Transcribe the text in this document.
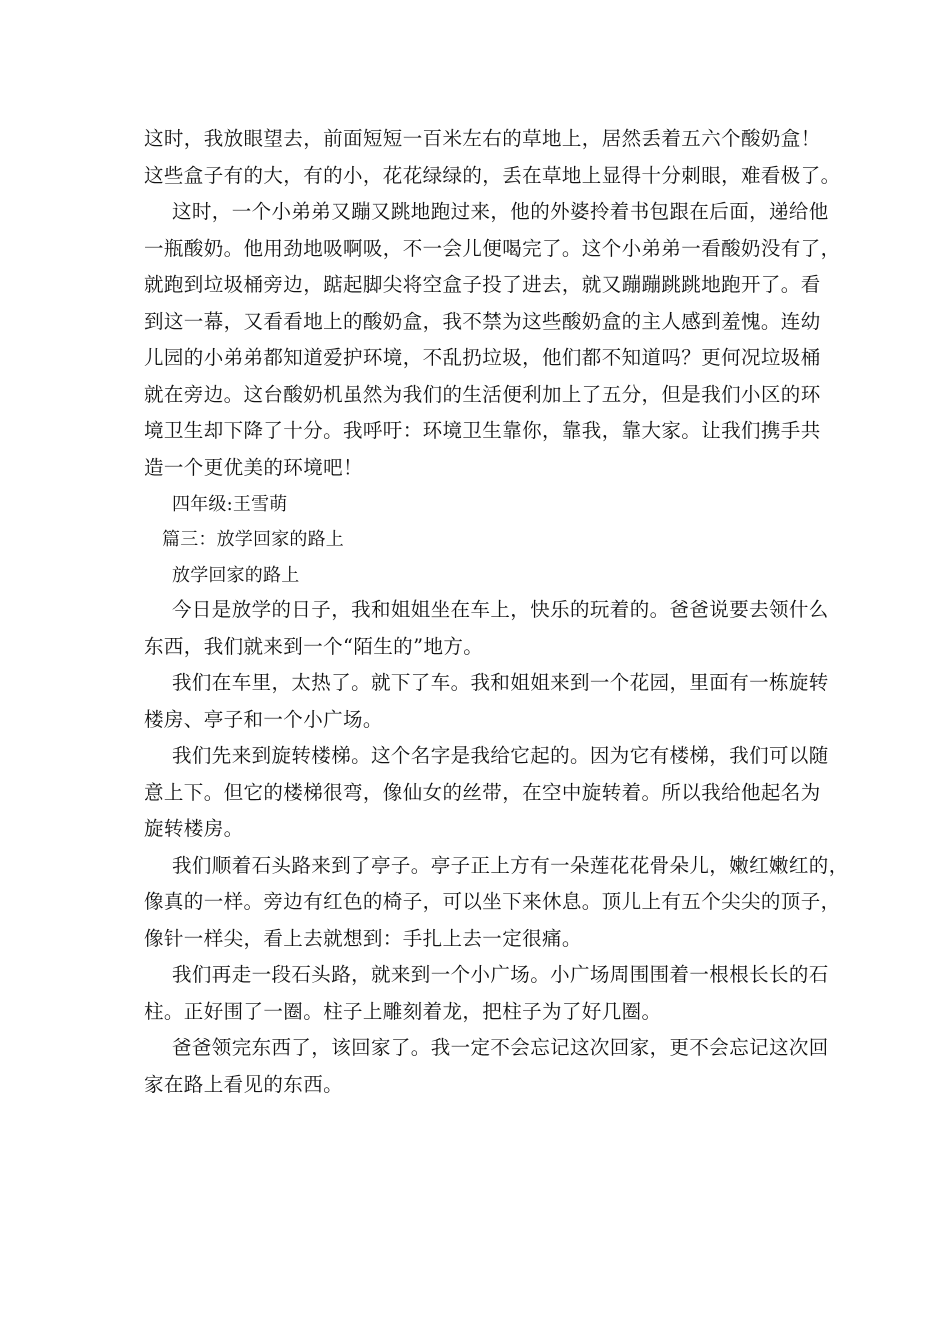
这时，我放眼望去，前面短短一百米左右的草地上，居然丢着五六个酸奶盒！
这些盒子有的大，有的小，花花绿绿的，丢在草地上显得十分刺眼，难看极了。
这时，一个小弟弟又蹦又跳地跑过来，他的外婆拎着书包跟在后面，递给他
一瓶酸奶。他用劲地吸啊吸，不一会儿便喝完了。这个小弟弟一看酸奶没有了，
就跑到垃圾桶旁边，踮起脚尖将空盒子投了进去，就又蹦蹦跳跳地跑开了。看
到这一幕，又看看地上的酸奶盒，我不禁为这些酸奶盒的主人感到羞愧。连幼
儿园的小弟弟都知道爱护环境，不乱扔垃圾，他们都不知道吗？更何况垃圾桶
就在旁边。这台酸奶机虽然为我们的生活便利加上了五分，但是我们小区的环
境卫生却下降了十分。我呼吁：环境卫生靠你，靠我，靠大家。让我们携手共
造一个更优美的环境吧！
四年级:王雪萌
篇三：放学回家的路上
放学回家的路上
今日是放学的日子，我和姐姐坐在车上，快乐的玩着的。爸爸说要去领什么
东西，我们就来到一个“陌生的”地方。
我们在车里，太热了。就下了车。我和姐姐来到一个花园，里面有一栋旋转
楼房、亭子和一个小广场。
我们先来到旋转楼梯。这个名字是我给它起的。因为它有楼梯，我们可以随
意上下。但它的楼梯很弯，像仙女的丝带，在空中旋转着。所以我给他起名为
旋转楼房。
我们顺着石头路来到了亭子。亭子正上方有一朵莲花花骨朵儿，嫩红嫩红的，
像真的一样。旁边有红色的椅子，可以坐下来休息。顶儿上有五个尖尖的顶子，
像针一样尖，看上去就想到：手扎上去一定很痛。
我们再走一段石头路，就来到一个小广场。小广场周围围着一根根长长的石
柱。正好围了一圈。柱子上雕刻着龙，把柱子为了好几圈。
爸爸领完东西了，该回家了。我一定不会忘记这次回家，更不会忘记这次回
家在路上看见的东西。
